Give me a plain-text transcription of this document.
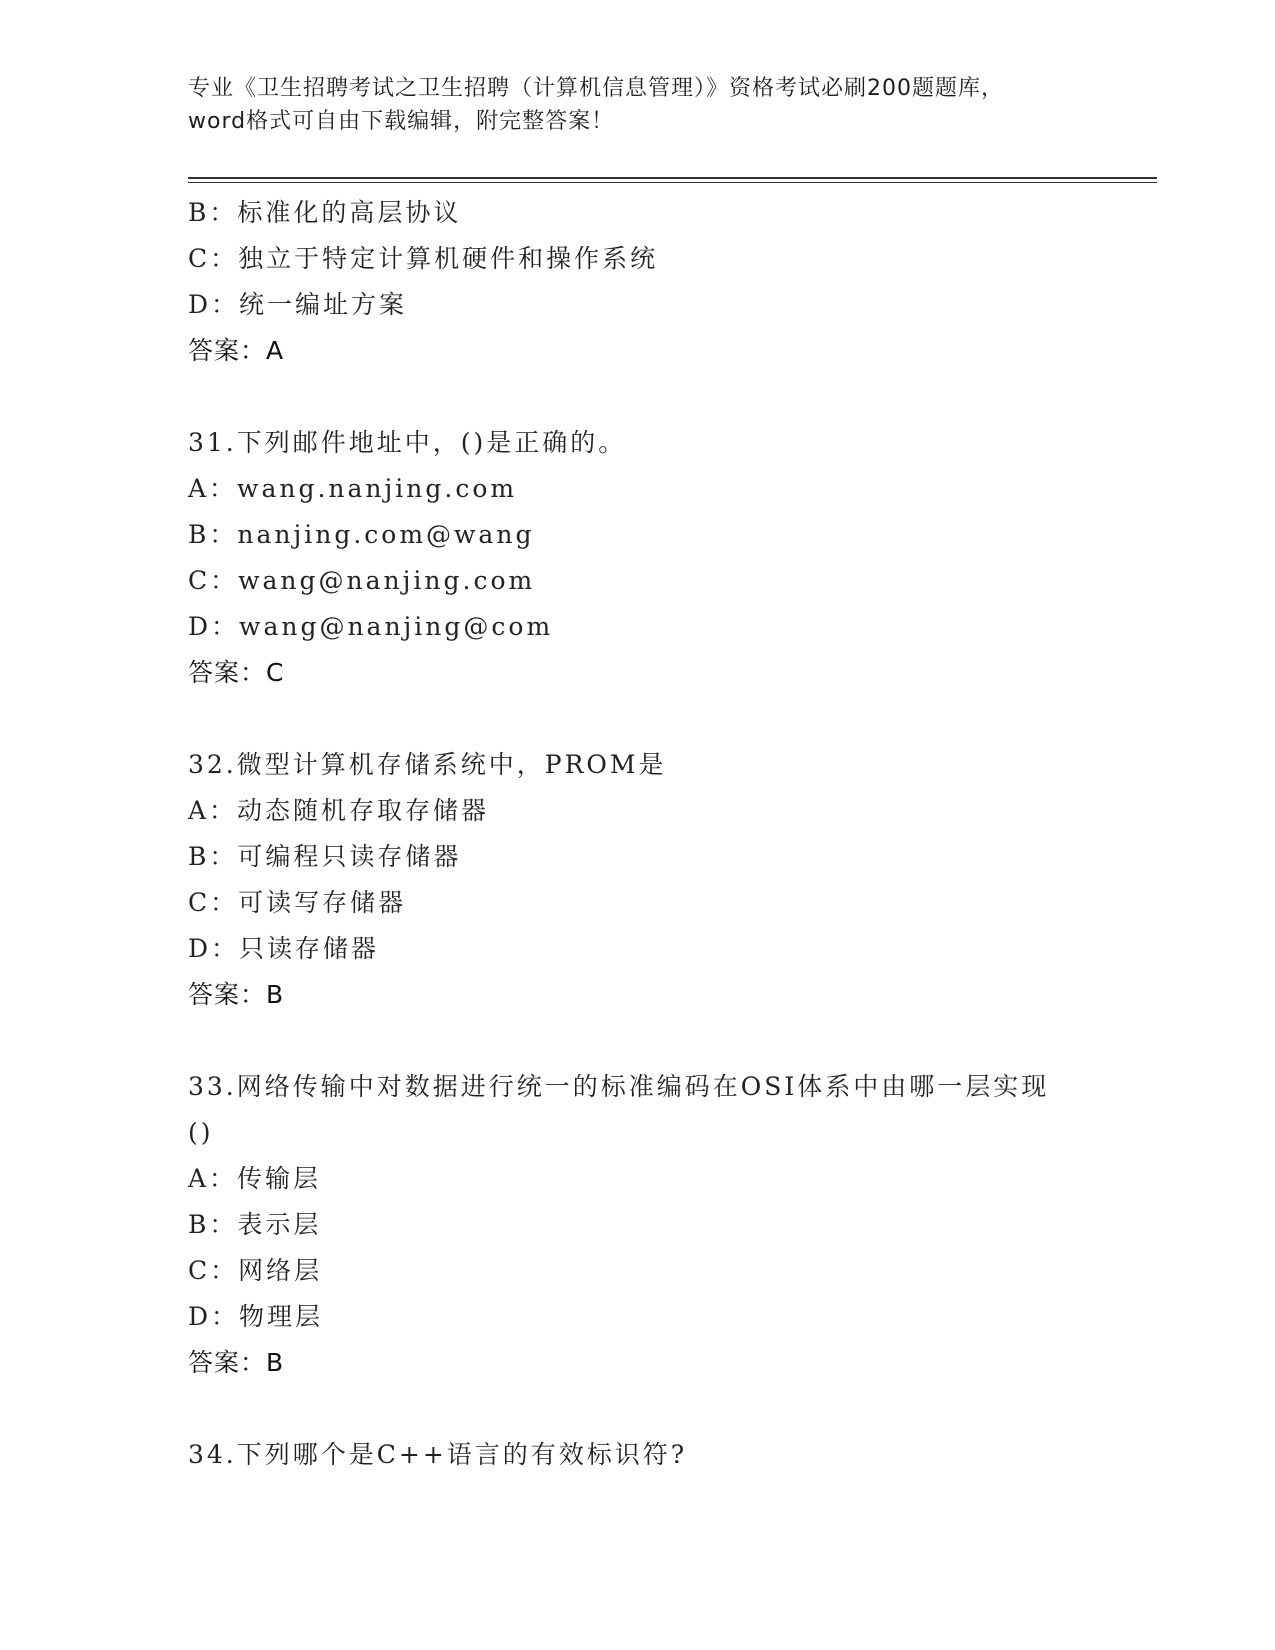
专业《卫生招聘考试之卫生招聘（计算机信息管理）》资格考试必刷200题题库，
word格式可自由下载编辑，附完整答案！
B：标准化的高层协议
C：独立于特定计算机硬件和操作系统
D：统一编址方案
答案：A
31.下列邮件地址中，()是正确的。
A：wang.nanjing.com
B：nanjing.com@wang
C：wang@nanjing.com
D：wang@nanjing@com
答案：C
32.微型计算机存储系统中，PROM是
A：动态随机存取存储器
B：可编程只读存储器
C：可读写存储器
D：只读存储器
答案：B
33.网络传输中对数据进行统一的标准编码在OSI体系中由哪一层实现
()
A：传输层
B：表示层
C：网络层
D：物理层
答案：B
34.下列哪个是C++语言的有效标识符?
